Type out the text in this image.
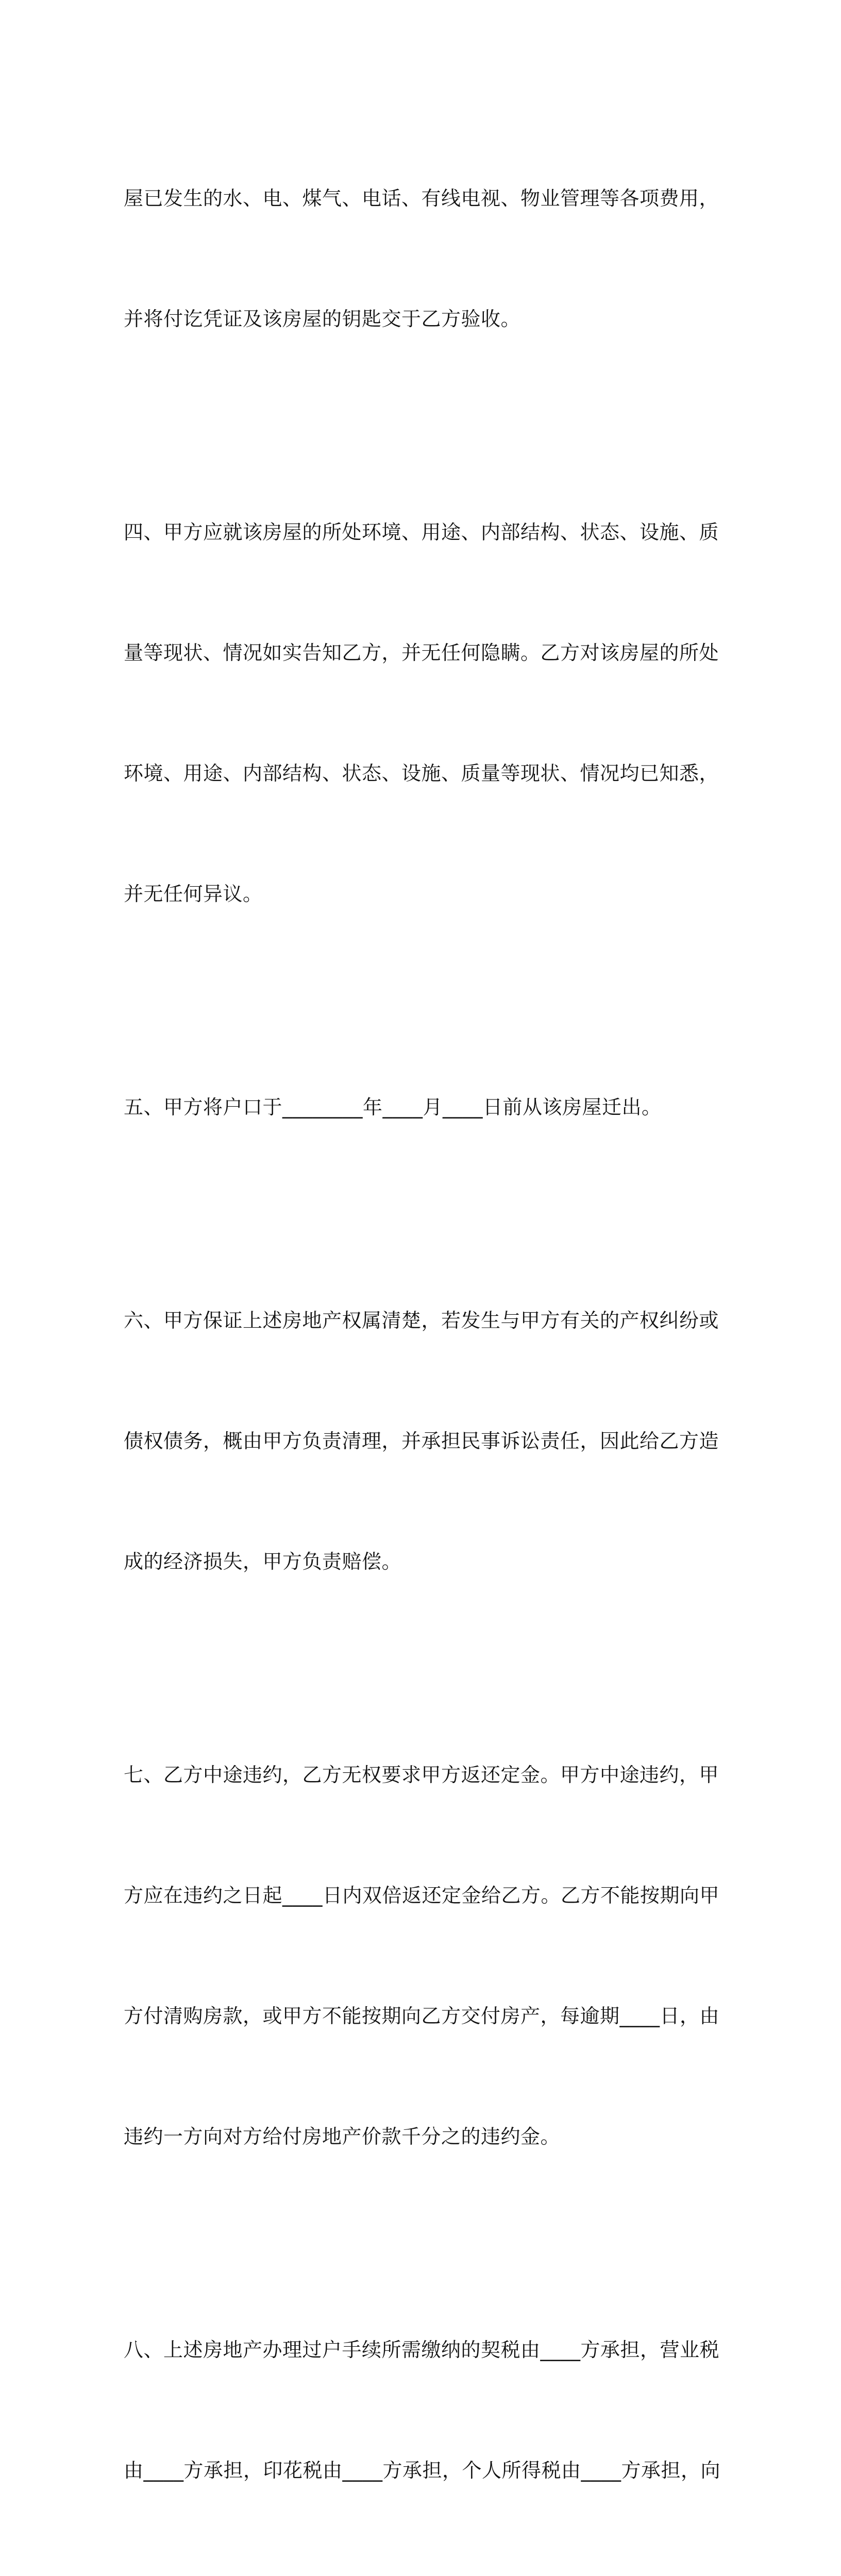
屋已发生的水、电、煤气、电话、有线电视、物业管理等各项费用，

并将付讫凭证及该房屋的钥匙交于乙方验收。

四、甲方应就该房屋的所处环境、用途、内部结构、状态、设施、质

量等现状、情况如实告知乙方，并无任何隐瞒。乙方对该房屋的所处

环境、用途、内部结构、状态、设施、质量等现状、情况均已知悉，

并无任何异议。

五、甲方将户口于________年____月____日前从该房屋迁出。

六、甲方保证上述房地产权属清楚，若发生与甲方有关的产权纠纷或

债权债务，概由甲方负责清理，并承担民事诉讼责任，因此给乙方造

成的经济损失，甲方负责赔偿。

七、乙方中途违约，乙方无权要求甲方返还定金。甲方中途违约，甲

方应在违约之日起____日内双倍返还定金给乙方。乙方不能按期向甲

方付清购房款，或甲方不能按期向乙方交付房产，每逾期____日，由

违约一方向对方给付房地产价款千分之的违约金。

八、上述房地产办理过户手续所需缴纳的契税由____方承担，营业税

由____方承担，印花税由____方承担，个人所得税由____方承担，向
